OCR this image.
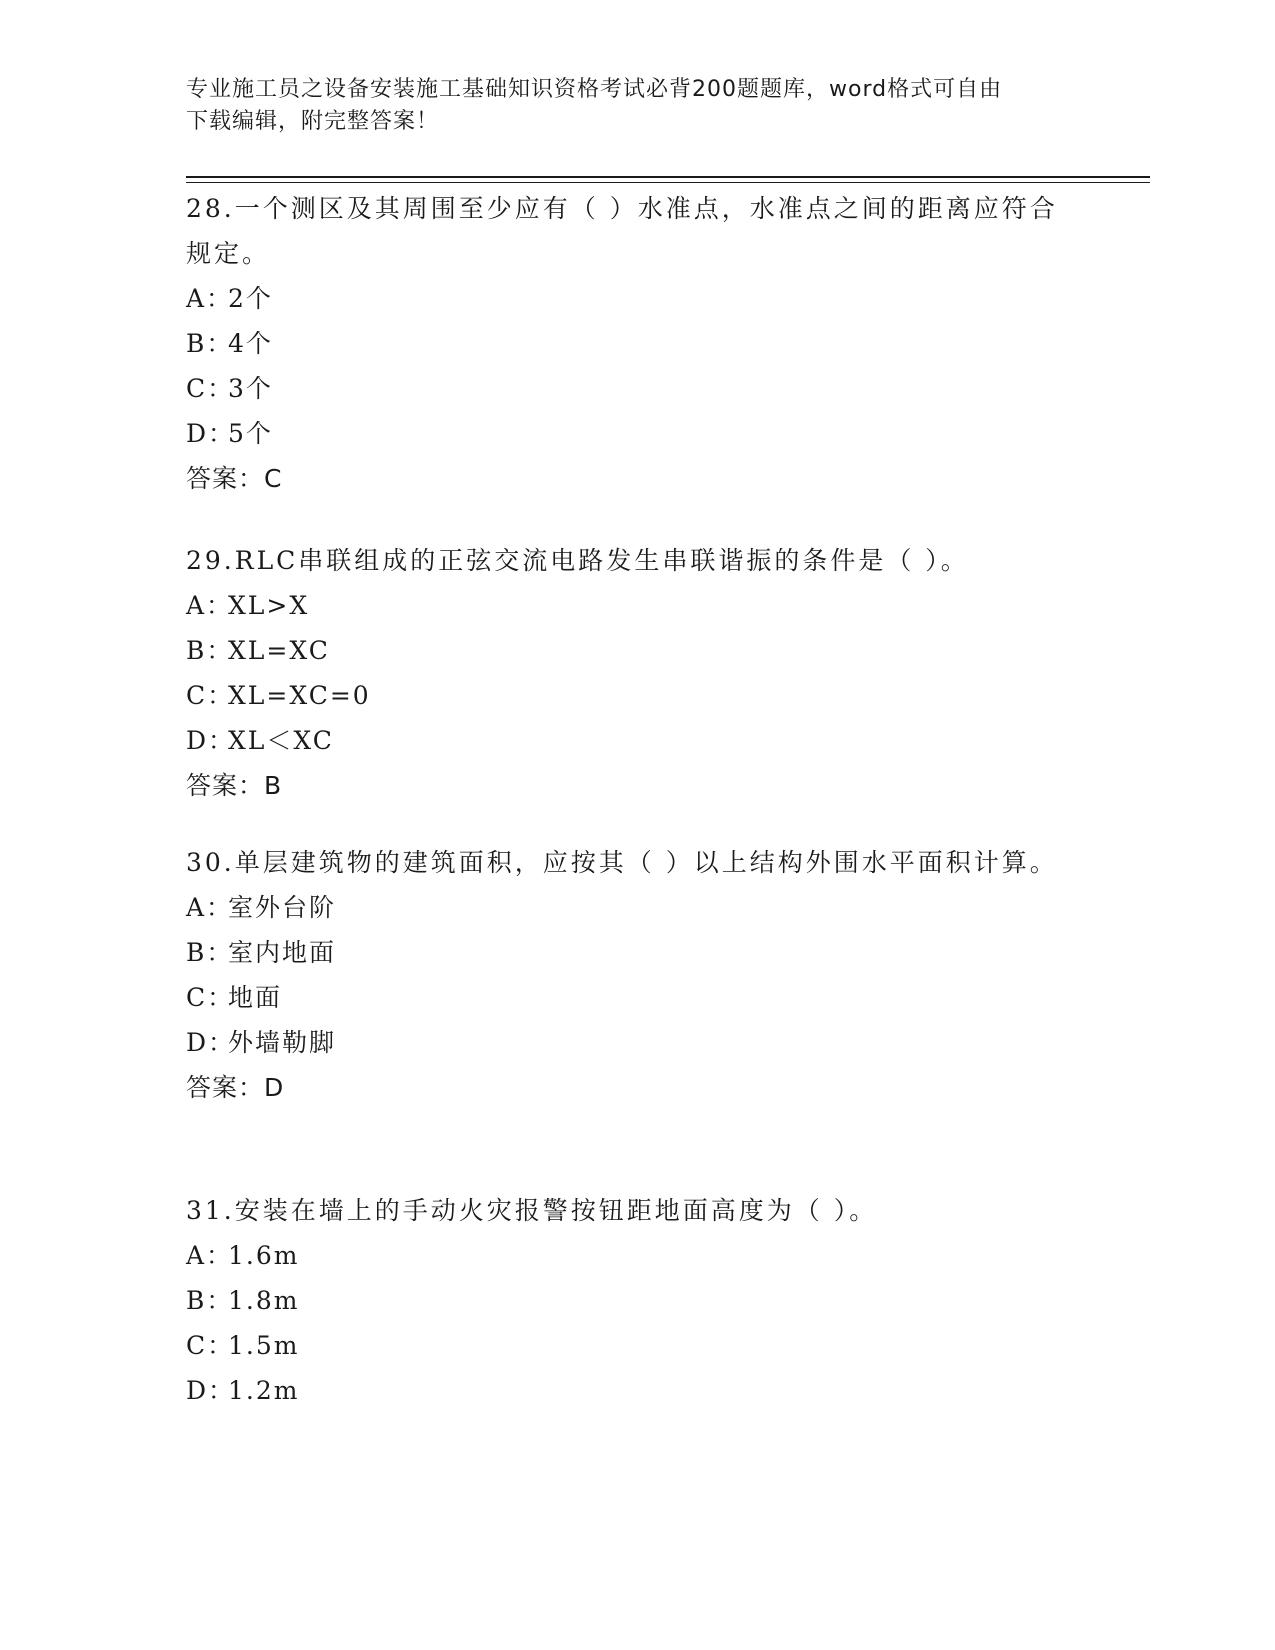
专业施工员之设备安装施工基础知识资格考试必背200题题库，word格式可自由
下载编辑，附完整答案！

28.一个测区及其周围至少应有（ ）水准点，水准点之间的距离应符合规定。

A：2个
B：4个
C：3个
D：5个
答案：C

29.RLC串联组成的正弦交流电路发生串联谐振的条件是（ ）。

A：XL>X
B：XL=XC
C：XL=XC=0
D：XL＜XC
答案：B

30.单层建筑物的建筑面积，应按其（ ）以上结构外围水平面积计算。

A：室外台阶
B：室内地面
C：地面
D：外墙勒脚
答案：D

31.安装在墙上的手动火灾报警按钮距地面高度为（ ）。

A：1.6m
B：1.8m
C：1.5m
D：1.2m
